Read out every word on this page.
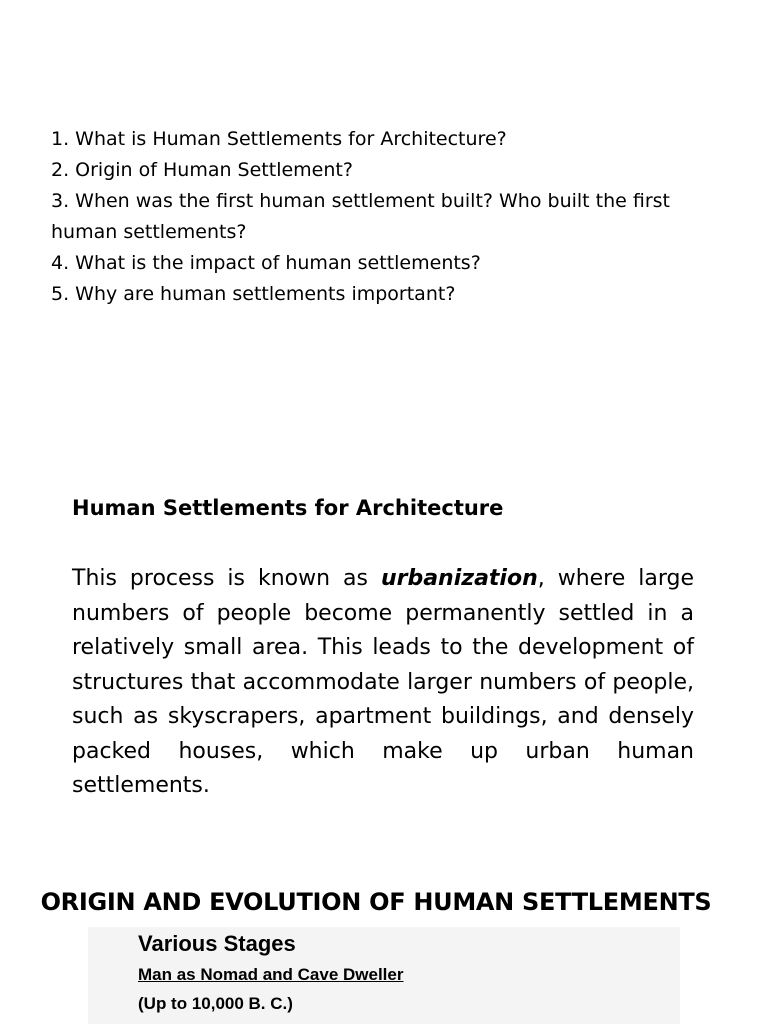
1. What is Human Settlements for Architecture?
2. Origin of Human Settlement?
3. When was the first human settlement built? Who built the first human settlements?
4. What is the impact of human settlements?
5. Why are human settlements important?
Human Settlements for Architecture

This process is known as urbanization, where large numbers of people become permanently settled in a relatively small area. This leads to the development of structures that accommodate larger numbers of people, such as skyscrapers, apartment buildings, and densely packed houses, which make up urban human settlements.

ORIGIN AND EVOLUTION OF HUMAN SETTLEMENTS
Various Stages

Man as Nomad and Cave Dweller

(Up to 10,000 B. C.)
